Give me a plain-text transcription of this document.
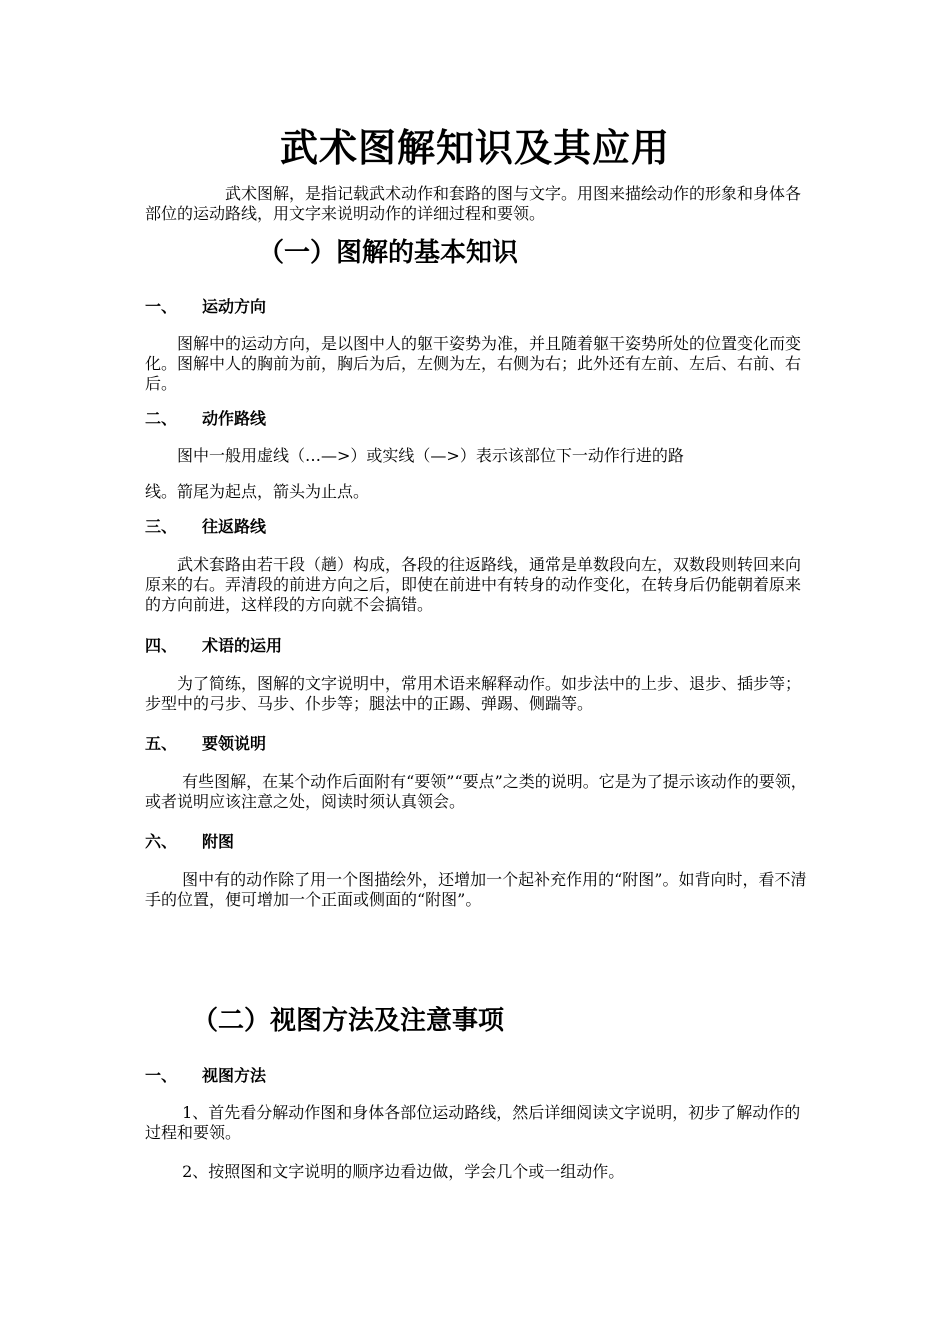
武术图解知识及其应用

　　　　　武术图解，是指记载武术动作和套路的图与文字。用图来描绘动作的形象和身体各部位的运动路线，用文字来说明动作的详细过程和要领。

（一）图解的基本知识
一、 运动方向

　　图解中的运动方向，是以图中人的躯干姿势为准，并且随着躯干姿势所处的位置变化而变化。图解中人的胸前为前，胸后为后，左侧为左，右侧为右；此外还有左前、左后、右前、右后。

二、 动作路线

　　图中一般用虚线（…—>）或实线（—>）表示该部位下一动作行进的路

线。箭尾为起点，箭头为止点。

三、 往返路线

　　武术套路由若干段（趟）构成，各段的往返路线，通常是单数段向左，双数段则转回来向原来的右。弄清段的前进方向之后，即使在前进中有转身的动作变化，在转身后仍能朝着原来的方向前进，这样段的方向就不会搞错。

四、 术语的运用

　　为了简练，图解的文字说明中，常用术语来解释动作。如步法中的上步、退步、插步等；步型中的弓步、马步、仆步等；腿法中的正踢、弹踢、侧踹等。

五、 要领说明

　　 有些图解，在某个动作后面附有“要领”“要点”之类的说明。它是为了提示该动作的要领，或者说明应该注意之处，阅读时须认真领会。

六、 附图

　　 图中有的动作除了用一个图描绘外，还增加一个起补充作用的“附图”。如背向时，看不清手的位置，便可增加一个正面或侧面的“附图”。

（二）视图方法及注意事项
一、 视图方法

　　 1、首先看分解动作图和身体各部位运动路线，然后详细阅读文字说明，初步了解动作的过程和要领。

　　 2、按照图和文字说明的顺序边看边做，学会几个或一组动作。
